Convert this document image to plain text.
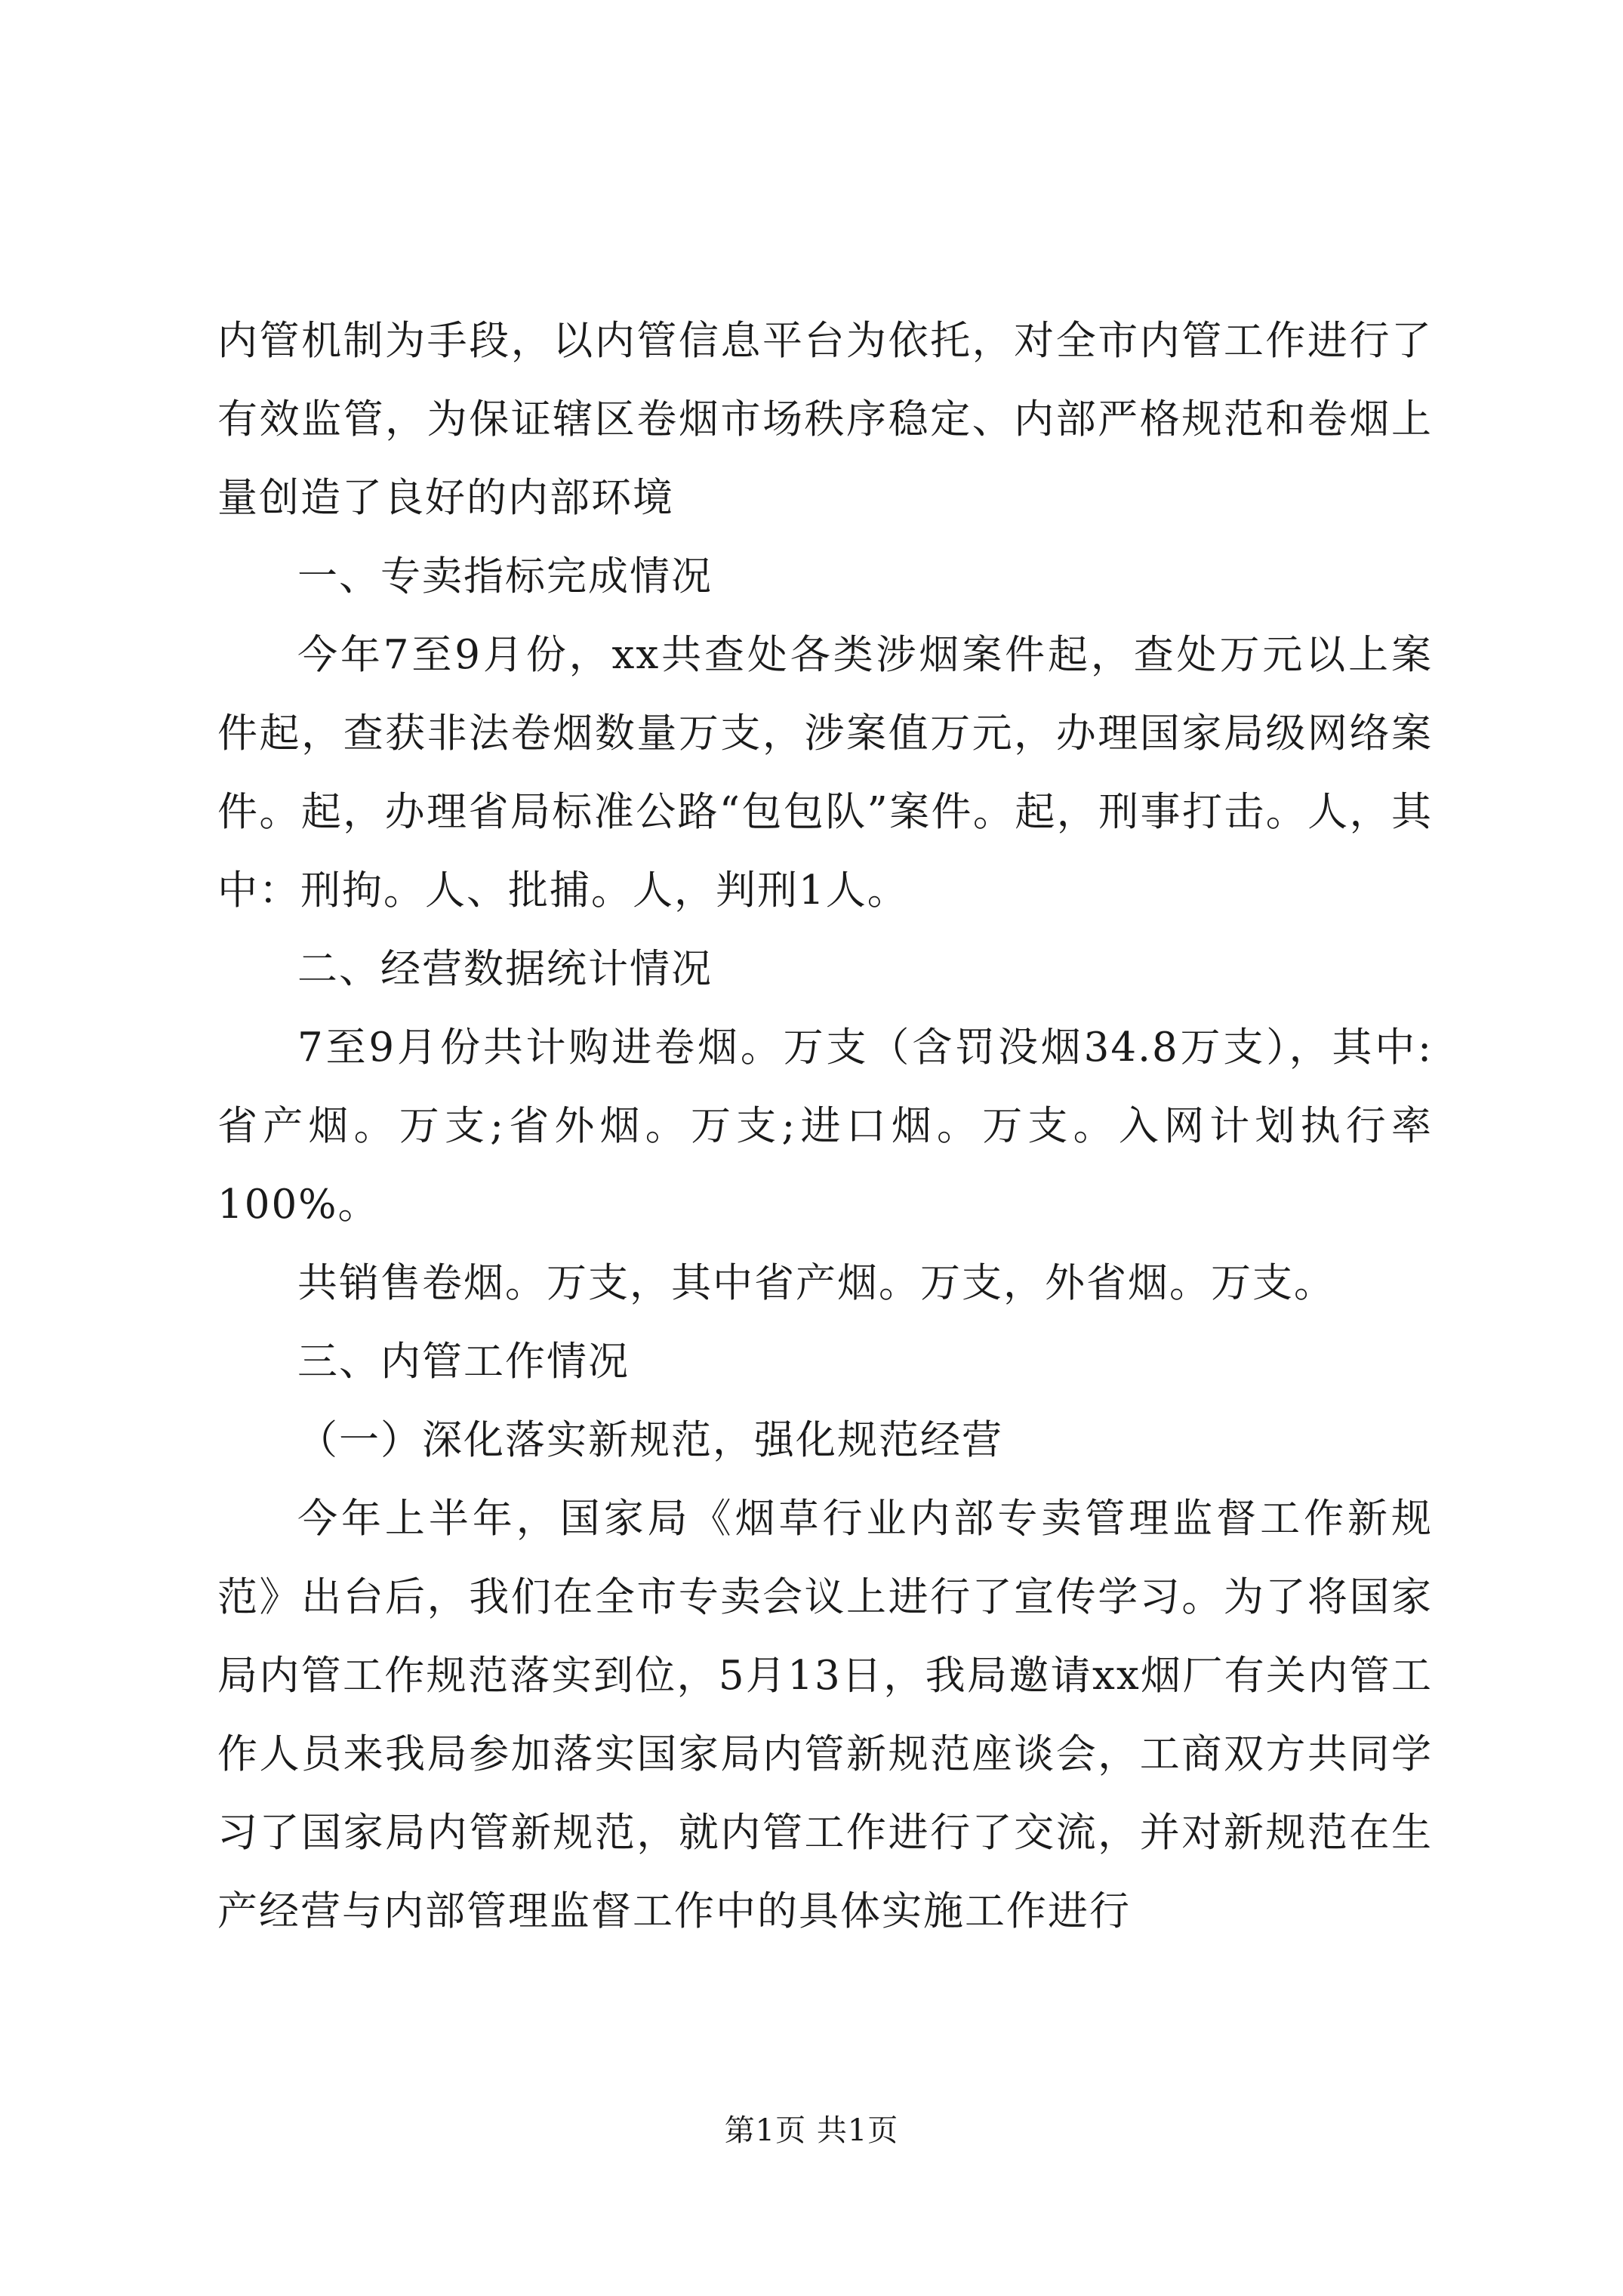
内管机制为手段，以内管信息平台为依托，对全市内管工作进行了有效监管，为保证辖区卷烟市场秩序稳定、内部严格规范和卷烟上量创造了良好的内部环境

一、专卖指标完成情况

今年7至9月份，xx共查处各类涉烟案件起，查处万元以上案件起，查获非法卷烟数量万支，涉案值万元，办理国家局级网络案件。起，办理省局标准公路“包包队”案件。起，刑事打击。人，其中：刑拘。人、批捕。人，判刑1人。

二、经营数据统计情况

7至9月份共计购进卷烟。万支（含罚没烟34.8万支），其中:省产烟。万支;省外烟。万支;进口烟。万支。入网计划执行率100%。

共销售卷烟。万支，其中省产烟。万支，外省烟。万支。

三、内管工作情况

（一）深化落实新规范，强化规范经营

今年上半年，国家局《烟草行业内部专卖管理监督工作新规范》出台后，我们在全市专卖会议上进行了宣传学习。为了将国家局内管工作规范落实到位，5月13日，我局邀请xx烟厂有关内管工作人员来我局参加落实国家局内管新规范座谈会，工商双方共同学习了国家局内管新规范，就内管工作进行了交流，并对新规范在生产经营与内部管理监督工作中的具体实施工作进行

第1页 共1页
